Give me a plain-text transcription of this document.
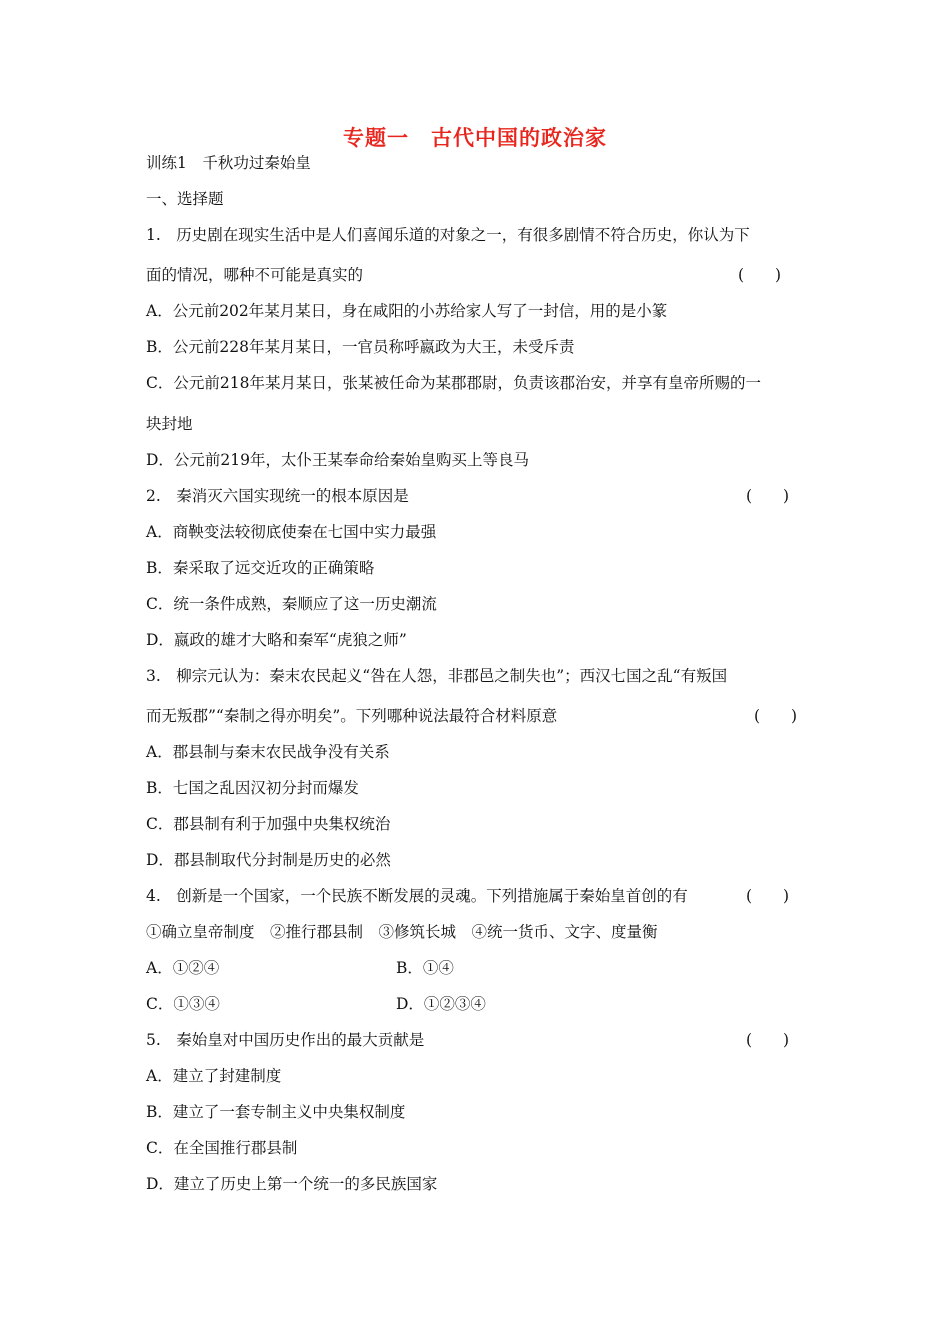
专题一　古代中国的政治家
训练1　千秋功过秦始皇
一、选择题
1.　历史剧在现实生活中是人们喜闻乐道的对象之一，有很多剧情不符合历史，你认为下
面的情况，哪种不可能是真实的	(　　)
A．公元前202年某月某日，身在咸阳的小苏给家人写了一封信，用的是小篆
B．公元前228年某月某日，一官员称呼嬴政为大王，未受斥责
C．公元前218年某月某日，张某被任命为某郡郡尉，负责该郡治安，并享有皇帝所赐的一
块封地
D．公元前219年，太仆王某奉命给秦始皇购买上等良马
2.　秦消灭六国实现统一的根本原因是	(　　)
A．商鞅变法较彻底使秦在七国中实力最强
B．秦采取了远交近攻的正确策略
C．统一条件成熟，秦顺应了这一历史潮流
D．嬴政的雄才大略和秦军“虎狼之师”
3.　柳宗元认为：秦末农民起义“咎在人怨，非郡邑之制失也”；西汉七国之乱“有叛国
而无叛郡”“秦制之得亦明矣”。下列哪种说法最符合材料原意	(　　)
A．郡县制与秦末农民战争没有关系
B．七国之乱因汉初分封而爆发
C．郡县制有利于加强中央集权统治
D．郡县制取代分封制是历史的必然
4.　创新是一个国家，一个民族不断发展的灵魂。下列措施属于秦始皇首创的有	(　　)
①确立皇帝制度　②推行郡县制　③修筑长城　④统一货币、文字、度量衡
A．①②④	B．①④
C．①③④	D．①②③④
5.　秦始皇对中国历史作出的最大贡献是	(　　)
A．建立了封建制度
B．建立了一套专制主义中央集权制度
C．在全国推行郡县制
D．建立了历史上第一个统一的多民族国家
